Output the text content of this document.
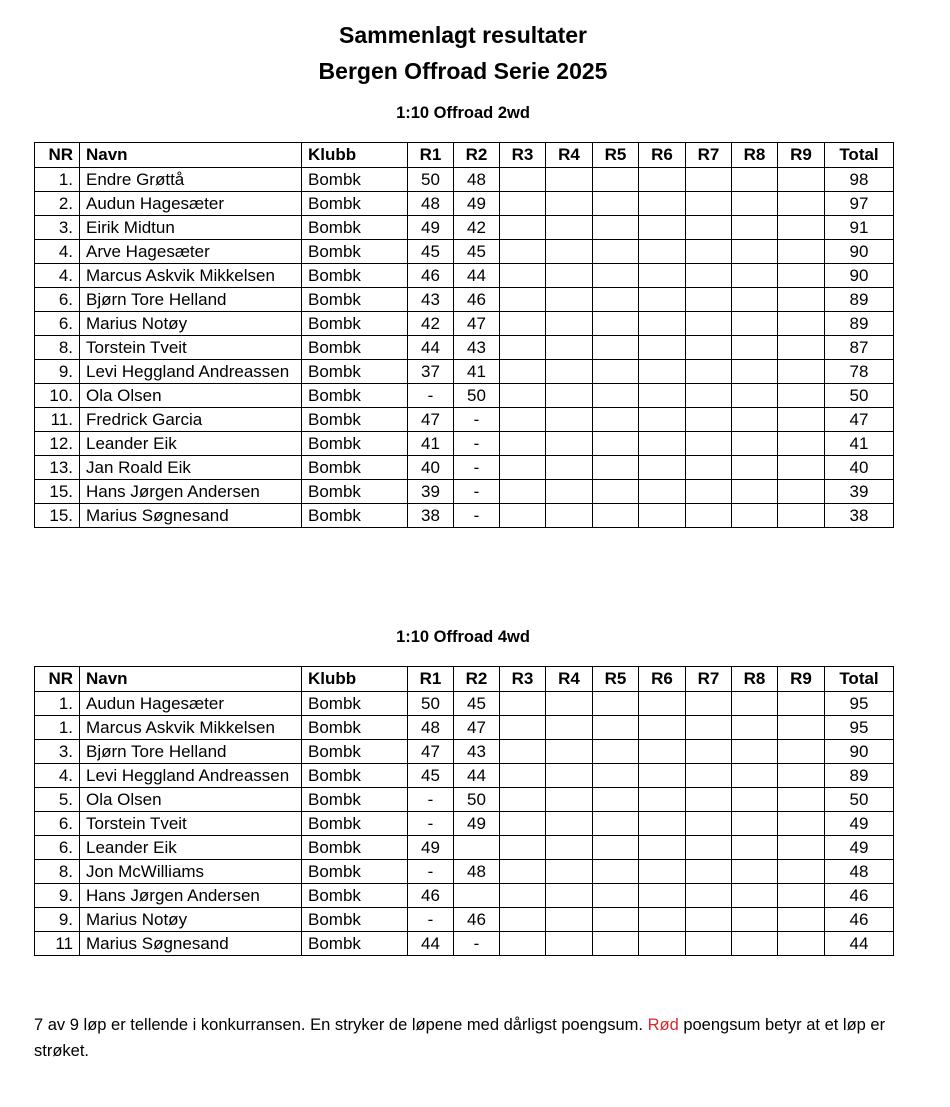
Sammenlagt resultater
Bergen Offroad Serie 2025
1:10 Offroad 2wd
NR	Navn	Klubb	R1	R2	R3	R4	R5	R6	R7	R8	R9	Total
1.	Endre Grøttå	Bombk	50	48								98
2.	Audun Hagesæter	Bombk	48	49								97
3.	Eirik Midtun	Bombk	49	42								91
4.	Arve Hagesæter	Bombk	45	45								90
4.	Marcus Askvik Mikkelsen	Bombk	46	44								90
6.	Bjørn Tore Helland	Bombk	43	46								89
6.	Marius Notøy	Bombk	42	47								89
8.	Torstein Tveit	Bombk	44	43								87
9.	Levi Heggland Andreassen	Bombk	37	41								78
10.	Ola Olsen	Bombk	-	50								50
11.	Fredrick Garcia	Bombk	47	-								47
12.	Leander Eik	Bombk	41	-								41
13.	Jan Roald Eik	Bombk	40	-								40
15.	Hans Jørgen Andersen	Bombk	39	-								39
15.	Marius Søgnesand	Bombk	38	-								38
1:10 Offroad 4wd
NR	Navn	Klubb	R1	R2	R3	R4	R5	R6	R7	R8	R9	Total
1.	Audun Hagesæter	Bombk	50	45								95
1.	Marcus Askvik Mikkelsen	Bombk	48	47								95
3.	Bjørn Tore Helland	Bombk	47	43								90
4.	Levi Heggland Andreassen	Bombk	45	44								89
5.	Ola Olsen	Bombk	-	50								50
6.	Torstein Tveit	Bombk	-	49								49
6.	Leander Eik	Bombk	49									49
8.	Jon McWilliams	Bombk	-	48								48
9.	Hans Jørgen Andersen	Bombk	46									46
9.	Marius Notøy	Bombk	-	46								46
11	Marius Søgnesand	Bombk	44	-								44
7 av 9 løp er tellende i konkurransen. En stryker de løpene med dårligst poengsum. Rød poengsum betyr at et løp er strøket.
